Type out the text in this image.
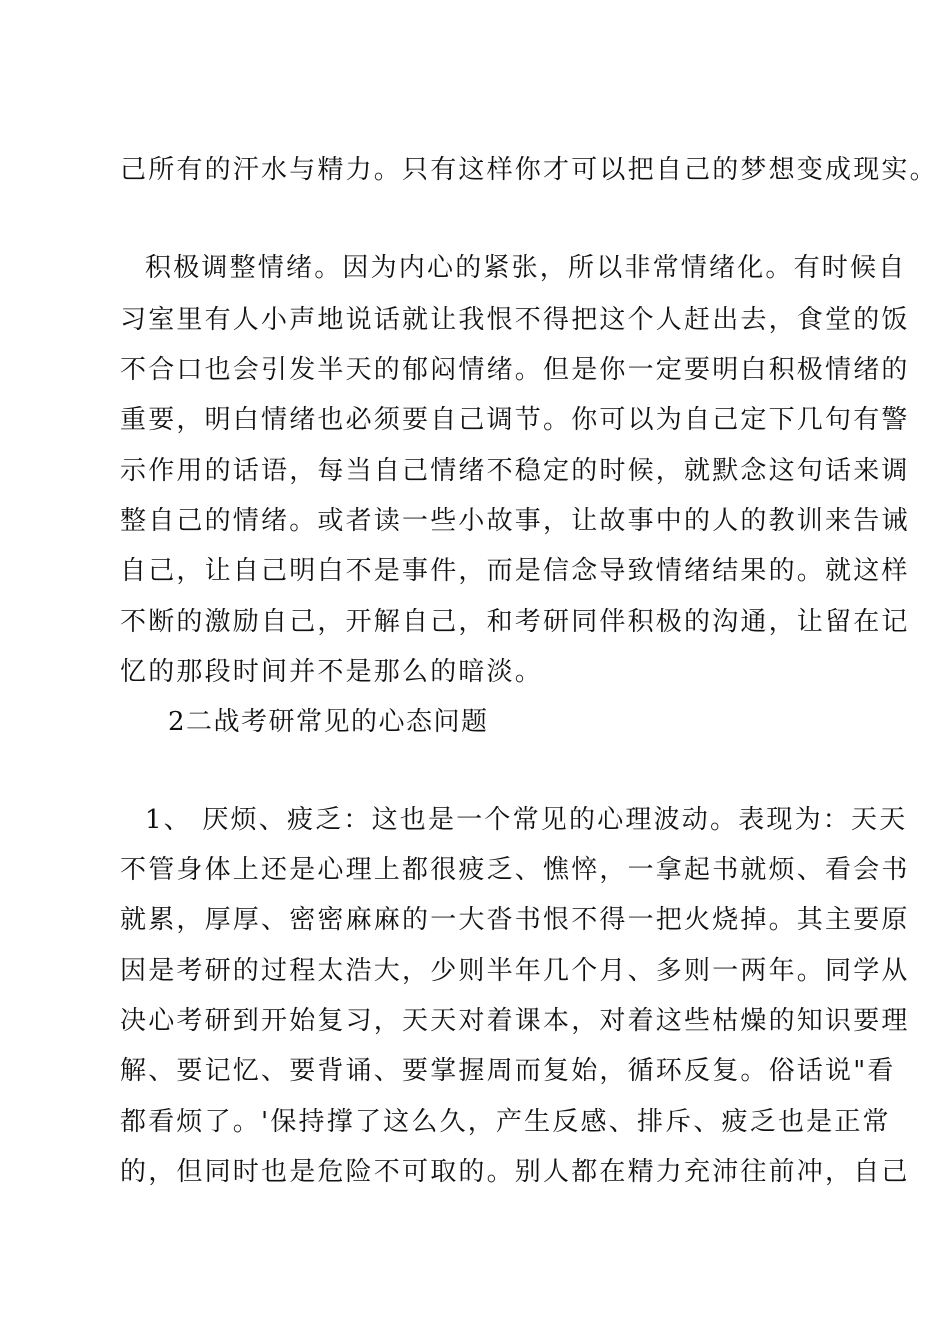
己所有的汗水与精力。只有这样你才可以把自己的梦想变成现实。
积极调整情绪。因为内心的紧张，所以非常情绪化。有时候自
习室里有人小声地说话就让我恨不得把这个人赶出去，食堂的饭
不合口也会引发半天的郁闷情绪。但是你一定要明白积极情绪的
重要，明白情绪也必须要自己调节。你可以为自己定下几句有警
示作用的话语，每当自己情绪不稳定的时候，就默念这句话来调
整自己的情绪。或者读一些小故事，让故事中的人的教训来告诫
自己，让自己明白不是事件，而是信念导致情绪结果的。就这样
不断的激励自己，开解自己，和考研同伴积极的沟通，让留在记
忆的那段时间并不是那么的暗淡。
2二战考研常见的心态问题
1、 厌烦、疲乏：这也是一个常见的心理波动。表现为：天天
不管身体上还是心理上都很疲乏、憔悴，一拿起书就烦、看会书
就累，厚厚、密密麻麻的一大沓书恨不得一把火烧掉。其主要原
因是考研的过程太浩大，少则半年几个月、多则一两年。同学从
决心考研到开始复习，天天对着课本，对着这些枯燥的知识要理
解、要记忆、要背诵、要掌握周而复始，循环反复。俗话说"看
都看烦了。'保持撑了这么久，产生反感、排斥、疲乏也是正常
的，但同时也是危险不可取的。别人都在精力充沛往前冲，自己
